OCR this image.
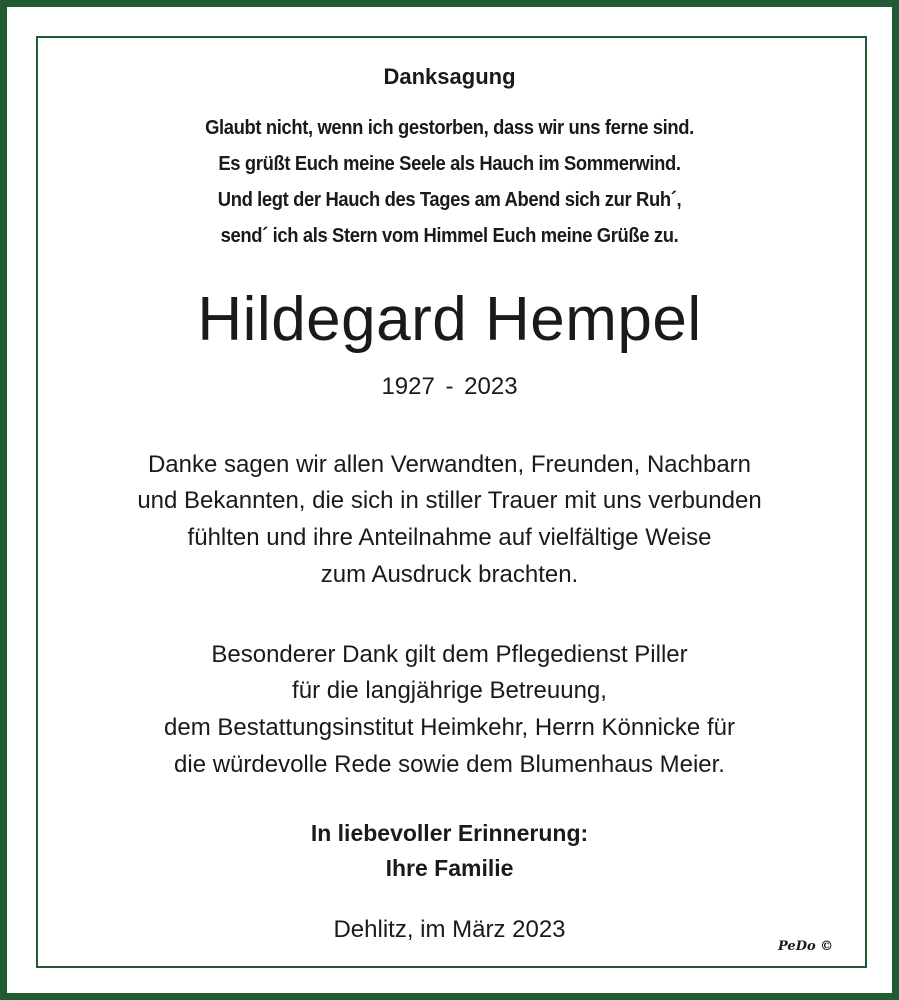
Danksagung
Glaubt nicht, wenn ich gestorben, dass wir uns ferne sind.
Es grüßt Euch meine Seele als Hauch im Sommerwind.
Und legt der Hauch des Tages am Abend sich zur Ruh´,
send´ ich als Stern vom Himmel Euch meine Grüße zu.
Hildegard Hempel
1927 - 2023
Danke sagen wir allen Verwandten, Freunden, Nachbarn
und Bekannten, die sich in stiller Trauer mit uns verbunden
fühlten und ihre Anteilnahme auf vielfältige Weise
zum Ausdruck brachten.
Besonderer Dank gilt dem Pflegedienst Piller
für die langjährige Betreuung,
dem Bestattungsinstitut Heimkehr, Herrn Könnicke für
die würdevolle Rede sowie dem Blumenhaus Meier.
In liebevoller Erinnerung:
Ihre Familie
Dehlitz, im März 2023
PeDo ©
